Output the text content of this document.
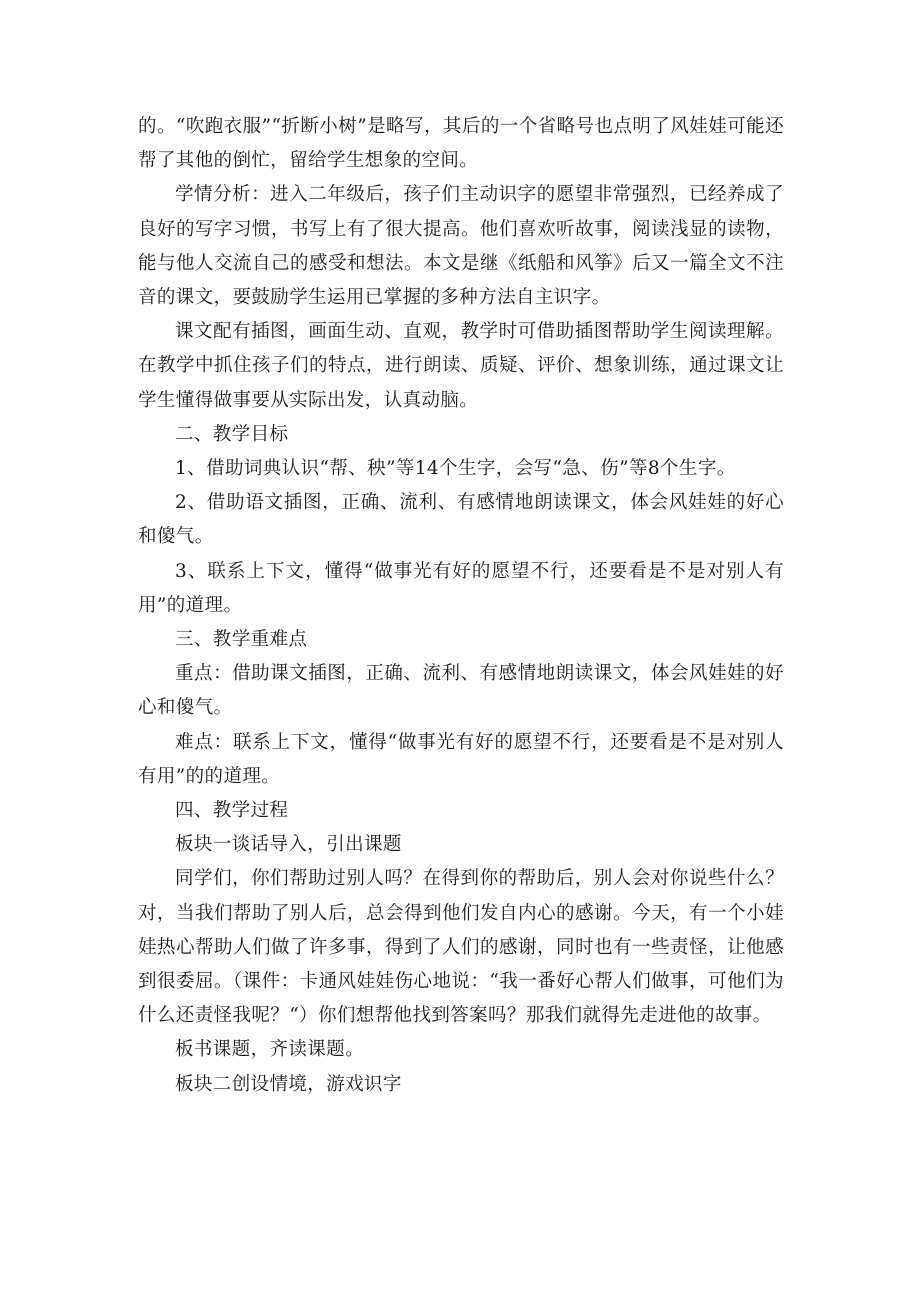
的。“吹跑衣服”“折断小树”是略写，其后的一个省略号也点明了风娃娃可能还帮了其他的倒忙，留给学生想象的空间。

学情分析：进入二年级后，孩子们主动识字的愿望非常强烈，已经养成了良好的写字习惯，书写上有了很大提高。他们喜欢听故事，阅读浅显的读物，能与他人交流自己的感受和想法。本文是继《纸船和风筝》后又一篇全文不注音的课文，要鼓励学生运用已掌握的多种方法自主识字。

课文配有插图，画面生动、直观，教学时可借助插图帮助学生阅读理解。在教学中抓住孩子们的特点，进行朗读、质疑、评价、想象训练，通过课文让学生懂得做事要从实际出发，认真动脑。

二、教学目标

1、借助词典认识“帮、秧”等14个生字，会写“急、伤”等8个生字。

2、借助语文插图，正确、流利、有感情地朗读课文，体会风娃娃的好心和傻气。

3、联系上下文，懂得“做事光有好的愿望不行，还要看是不是对别人有用”的道理。

三、教学重难点

重点：借助课文插图，正确、流利、有感情地朗读课文，体会风娃娃的好心和傻气。

难点：联系上下文，懂得“做事光有好的愿望不行，还要看是不是对别人有用”的的道理。

四、教学过程

板块一谈话导入，引出课题

同学们，你们帮助过别人吗？在得到你的帮助后，别人会对你说些什么？对，当我们帮助了别人后，总会得到他们发自内心的感谢。今天，有一个小娃娃热心帮助人们做了许多事，得到了人们的感谢，同时也有一些责怪，让他感到很委屈。（课件：卡通风娃娃伤心地说：“我一番好心帮人们做事，可他们为什么还责怪我呢？“）你们想帮他找到答案吗？那我们就得先走进他的故事。

板书课题，齐读课题。

板块二创设情境，游戏识字
